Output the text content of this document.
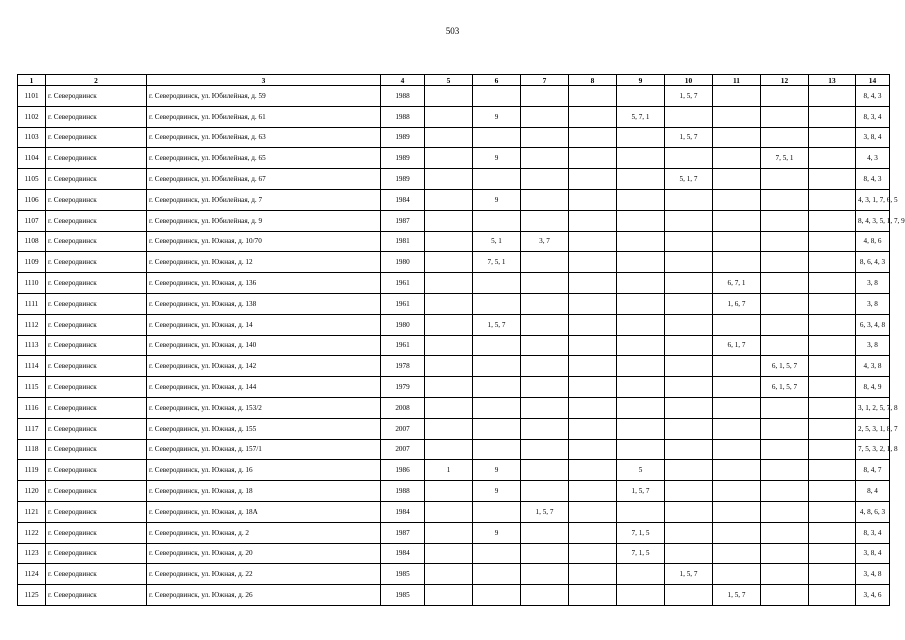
503
1	2	3	4	5	6	7	8	9	10	11	12	13	14
1101	г. Северодвинск	г. Северодвинск, ул. Юбилейная, д. 59	1988						1, 5, 7				8, 4, 3
1102	г. Северодвинск	г. Северодвинск, ул. Юбилейная, д. 61	1988		9			5, 7, 1					8, 3, 4
1103	г. Северодвинск	г. Северодвинск, ул. Юбилейная, д. 63	1989						1, 5, 7				3, 8, 4
1104	г. Северодвинск	г. Северодвинск, ул. Юбилейная, д. 65	1989		9						7, 5, 1		4, 3
1105	г. Северодвинск	г. Северодвинск, ул. Юбилейная, д. 67	1989						5, 1, 7				8, 4, 3
1106	г. Северодвинск	г. Северодвинск, ул. Юбилейная, д. 7	1984		9								4, 3, 1, 7, 6, 5
1107	г. Северодвинск	г. Северодвинск, ул. Юбилейная, д. 9	1987										8, 4, 3, 5, 1, 7, 9
1108	г. Северодвинск	г. Северодвинск, ул. Южная, д. 10/70	1981		5, 1	3, 7							4, 8, 6
1109	г. Северодвинск	г. Северодвинск, ул. Южная, д. 12	1980		7, 5, 1								8, 6, 4, 3
1110	г. Северодвинск	г. Северодвинск, ул. Южная, д. 136	1961							6, 7, 1			3, 8
1111	г. Северодвинск	г. Северодвинск, ул. Южная, д. 138	1961							1, 6, 7			3, 8
1112	г. Северодвинск	г. Северодвинск, ул. Южная, д. 14	1980		1, 5, 7								6, 3, 4, 8
1113	г. Северодвинск	г. Северодвинск, ул. Южная, д. 140	1961							6, 1, 7			3, 8
1114	г. Северодвинск	г. Северодвинск, ул. Южная, д. 142	1978								6, 1, 5, 7		4, 3, 8
1115	г. Северодвинск	г. Северодвинск, ул. Южная, д. 144	1979								6, 1, 5, 7		8, 4, 9
1116	г. Северодвинск	г. Северодвинск, ул. Южная, д. 153/2	2008										3, 1, 2, 5, 7, 8
1117	г. Северодвинск	г. Северодвинск, ул. Южная, д. 155	2007										2, 5, 3, 1, 8, 7
1118	г. Северодвинск	г. Северодвинск, ул. Южная, д. 157/1	2007										7, 5, 3, 2, 1, 8
1119	г. Северодвинск	г. Северодвинск, ул. Южная, д. 16	1986	1	9			5					8, 4, 7
1120	г. Северодвинск	г. Северодвинск, ул. Южная, д. 18	1988		9			1, 5, 7					8, 4
1121	г. Северодвинск	г. Северодвинск, ул. Южная, д. 18А	1984			1, 5, 7							4, 8, 6, 3
1122	г. Северодвинск	г. Северодвинск, ул. Южная, д. 2	1987		9			7, 1, 5					8, 3, 4
1123	г. Северодвинск	г. Северодвинск, ул. Южная, д. 20	1984					7, 1, 5					3, 8, 4
1124	г. Северодвинск	г. Северодвинск, ул. Южная, д. 22	1985						1, 5, 7				3, 4, 8
1125	г. Северодвинск	г. Северодвинск, ул. Южная, д. 26	1985							1, 5, 7			3, 4, 6
